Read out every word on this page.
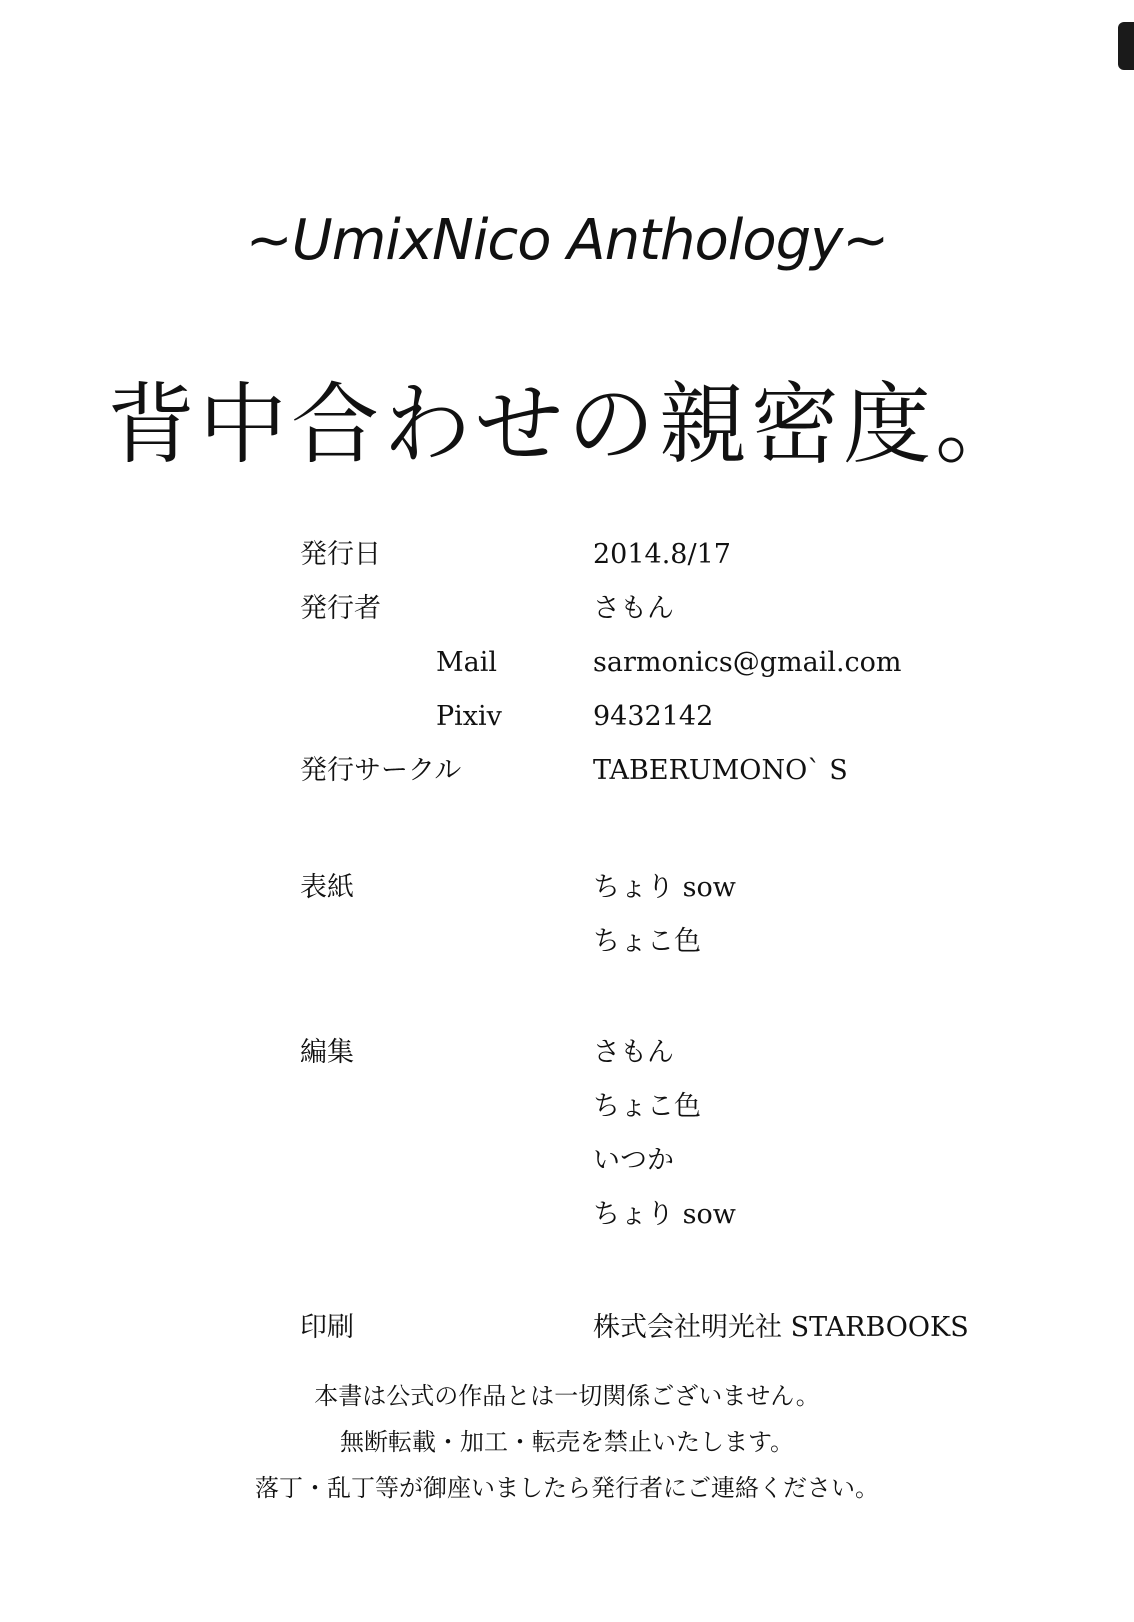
~UmixNico Anthology~
背中合わせの親密度。
発行日	2014.8/17
発行者	さもん
Mail	sarmonics@gmail.com
Pixiv	9432142
発行サークル	TABERUMONO` S
表紙	ちょり sow
ちょこ色
編集	さもん
ちょこ色
いつか
ちょり sow
印刷	株式会社明光社 STARBOOKS
本書は公式の作品とは一切関係ございません。
無断転載・加工・転売を禁止いたします。
落丁・乱丁等が御座いましたら発行者にご連絡ください。
